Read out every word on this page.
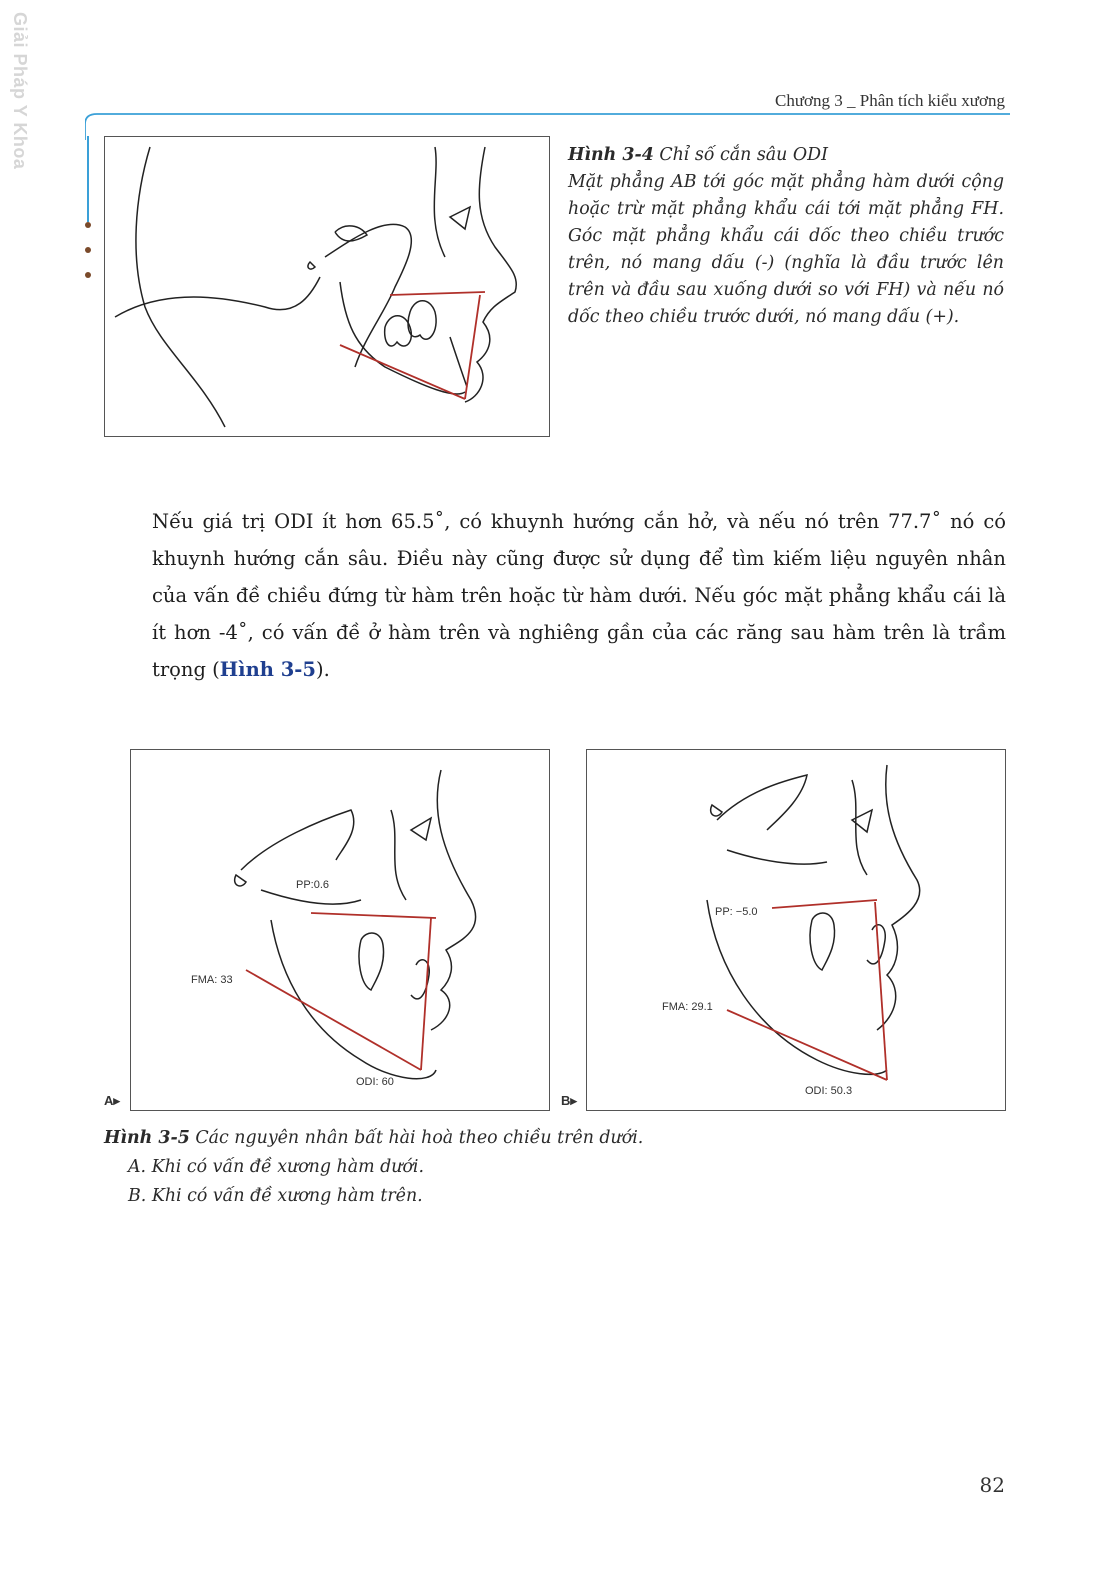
Giải Pháp Y Khoa	Chương 3 _ Phân tích kiểu xương
Hình 3-4 Chỉ số cắn sâu ODI
Mặt phẳng AB tới góc mặt phẳng hàm dưới cộng hoặc trừ mặt phẳng khẩu cái tới mặt phẳng FH. Góc mặt phẳng khẩu cái dốc theo chiều trước trên, nó mang dấu (-) (nghĩa là đầu trước lên trên và đầu sau xuống dưới so với FH) và nếu nó dốc theo chiều trước dưới, nó mang dấu (+).
Nếu giá trị ODI ít hơn 65.5˚, có khuynh hướng cắn hở, và nếu nó trên 77.7˚ nó có khuynh hướng cắn sâu. Điều này cũng được sử dụng để tìm kiếm liệu nguyên nhân của vấn đề chiều đứng từ hàm trên hoặc từ hàm dưới. Nếu góc mặt phẳng khẩu cái là ít hơn -4˚, có vấn đề ở hàm trên và nghiêng gần của các răng sau hàm trên là trầm trọng (Hình 3-5).
PP:0.6
FMA: 33
ODI: 60
A▸
PP: −5.0
FMA: 29.1
ODI: 50.3
B▸
Hình 3-5 Các nguyên nhân bất hài hoà theo chiều trên dưới.
A. Khi có vấn đề xương hàm dưới.
B. Khi có vấn đề xương hàm trên.
82
